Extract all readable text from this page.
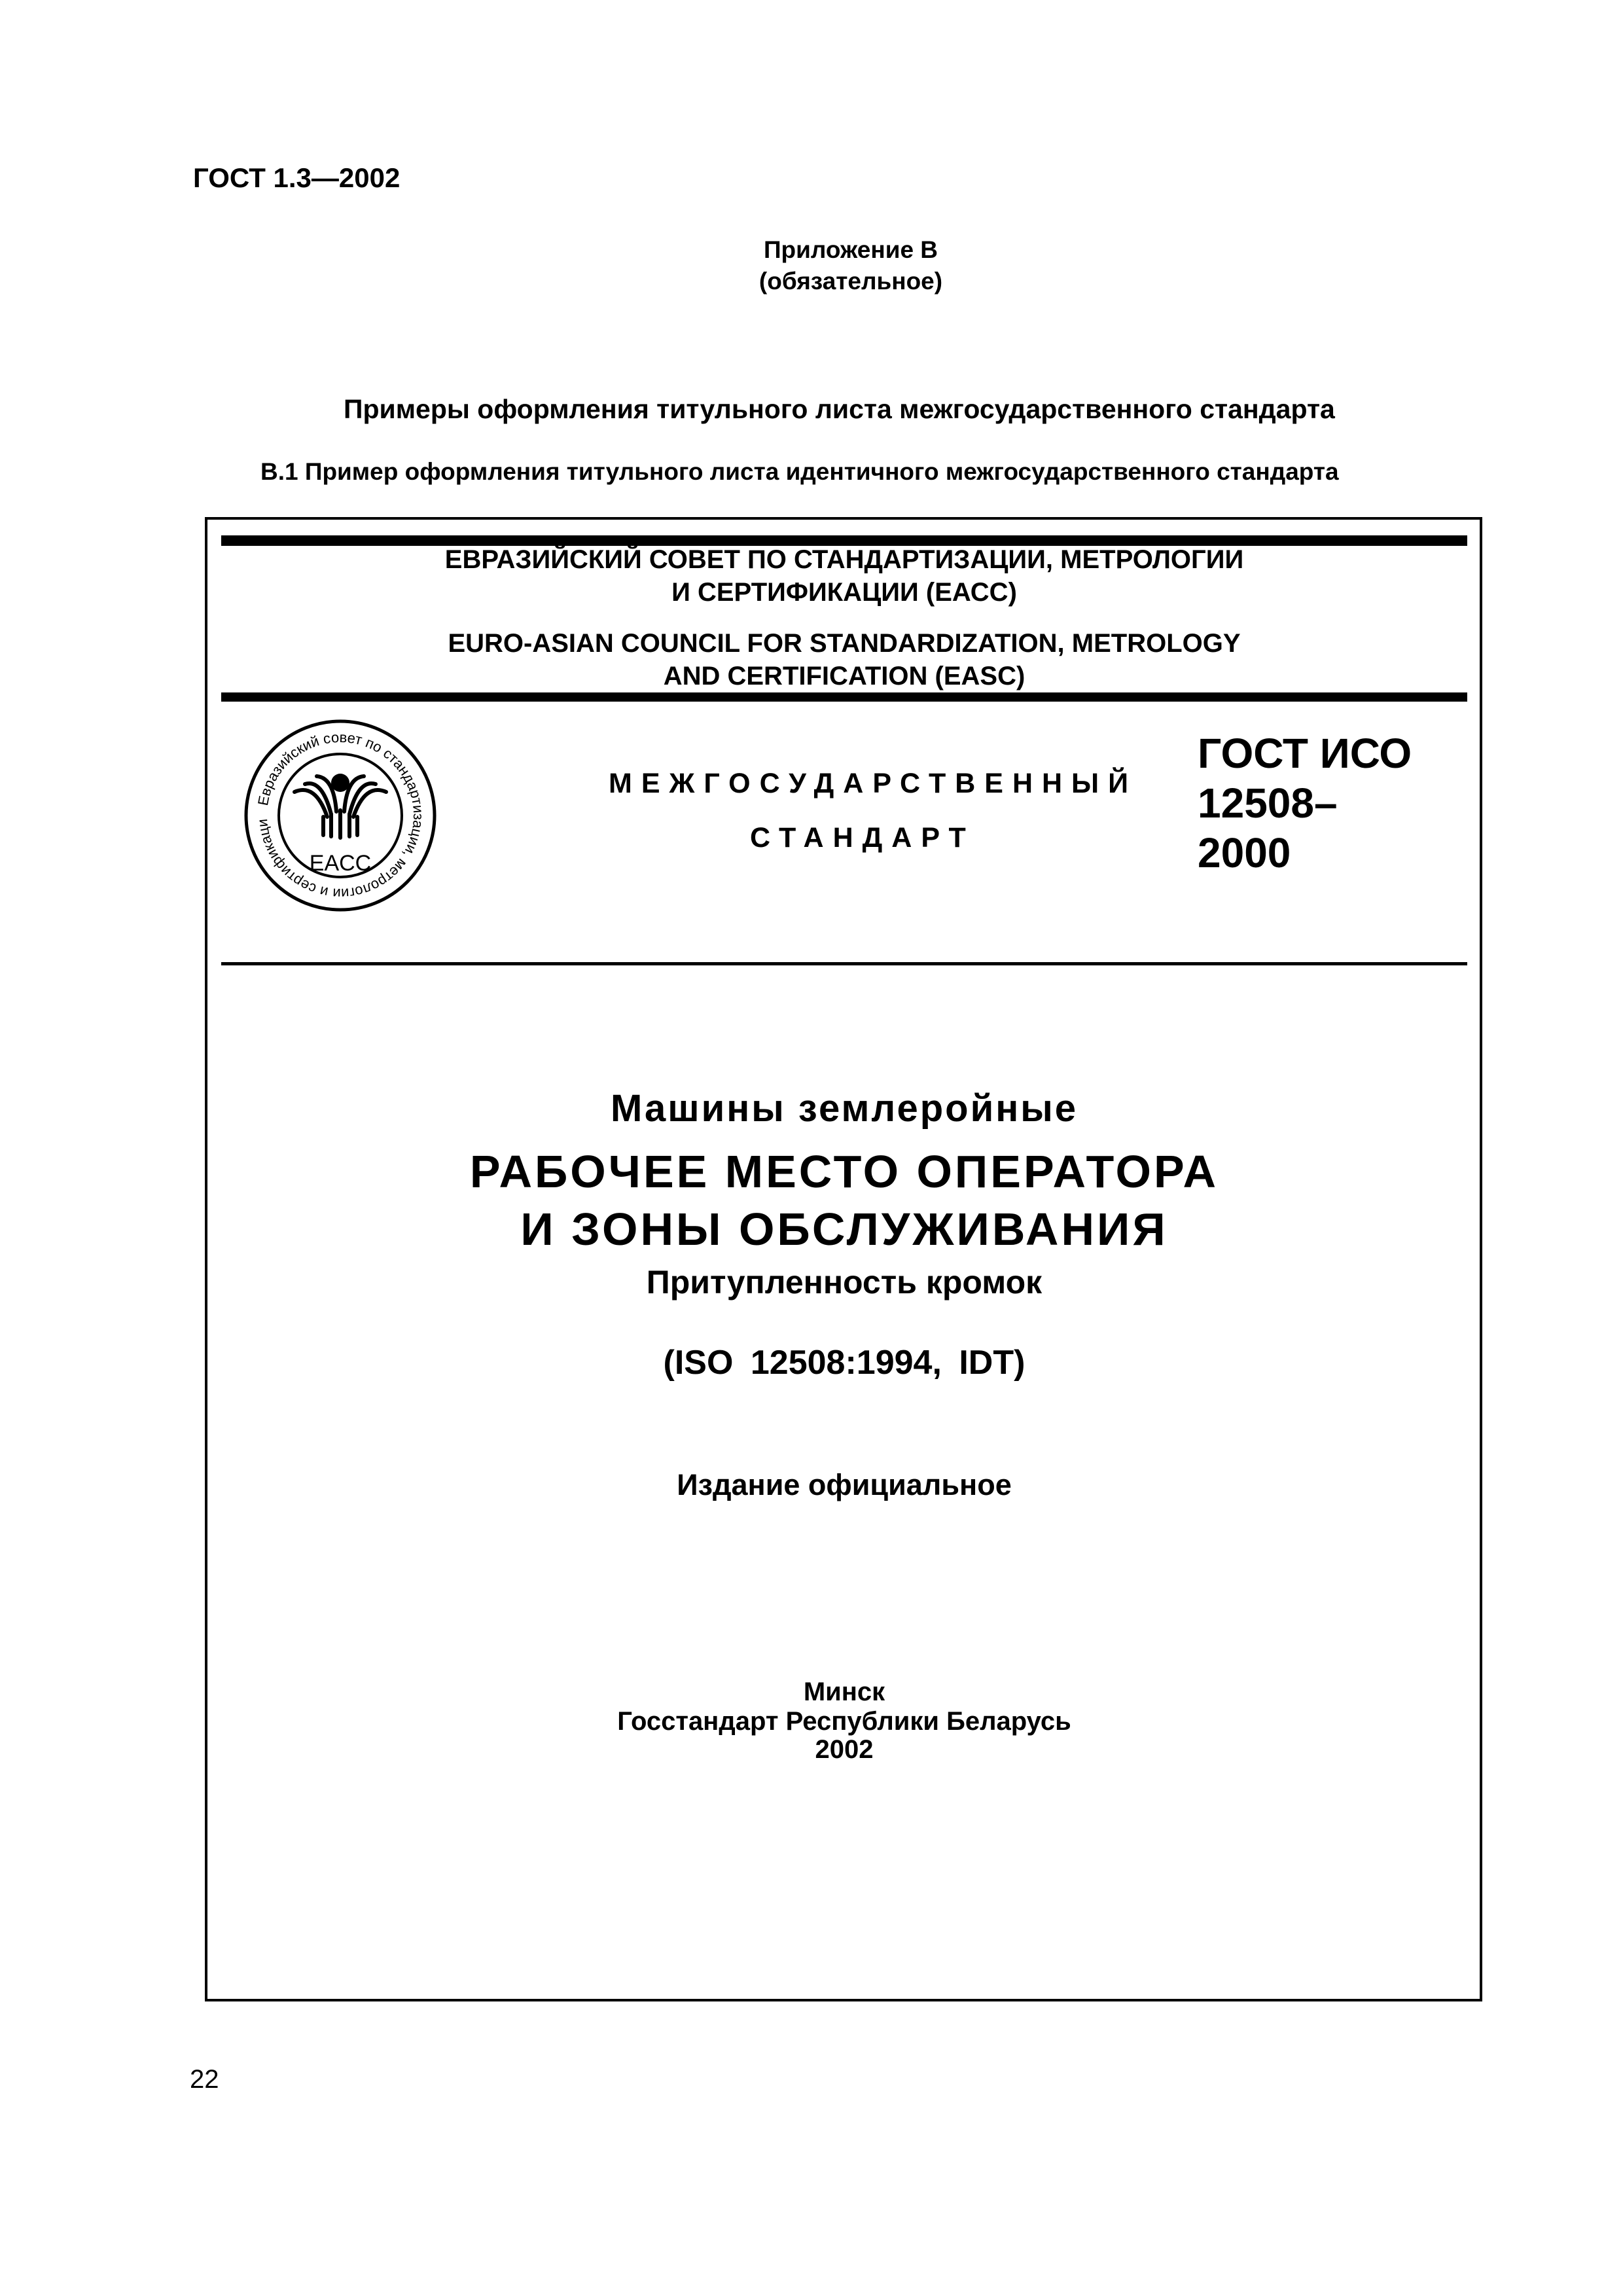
ГОСТ 1.3—2002
Приложение В
(обязательное)
Примеры оформления титульного листа межгосударственного стандарта
В.1 Пример оформления титульного листа идентичного межгосударственного стандарта
ЕВРАЗИЙСКИЙ СОВЕТ ПО СТАНДАРТИЗАЦИИ, МЕТРОЛОГИИ
И СЕРТИФИКАЦИИ (ЕАСС)
EURO-ASIAN COUNCIL FOR STANDARDIZATION, METROLOGY
AND CERTIFICATION (EASC)
Евразийский совет по стандартизации, метрологии и сертификаци
EACC
МЕЖГОСУДАРСТВЕННЫЙ
СТАНДАРТ
ГОСТ ИСО
12508–
2000
Машины землеройные
РАБОЧЕЕ МЕСТО ОПЕРАТОРА
И ЗОНЫ ОБСЛУЖИВАНИЯ
Притупленность кромок
(ISO 12508:1994, IDT)
Издание официальное
Минск
Госстандарт Республики Беларусь
2002
22
